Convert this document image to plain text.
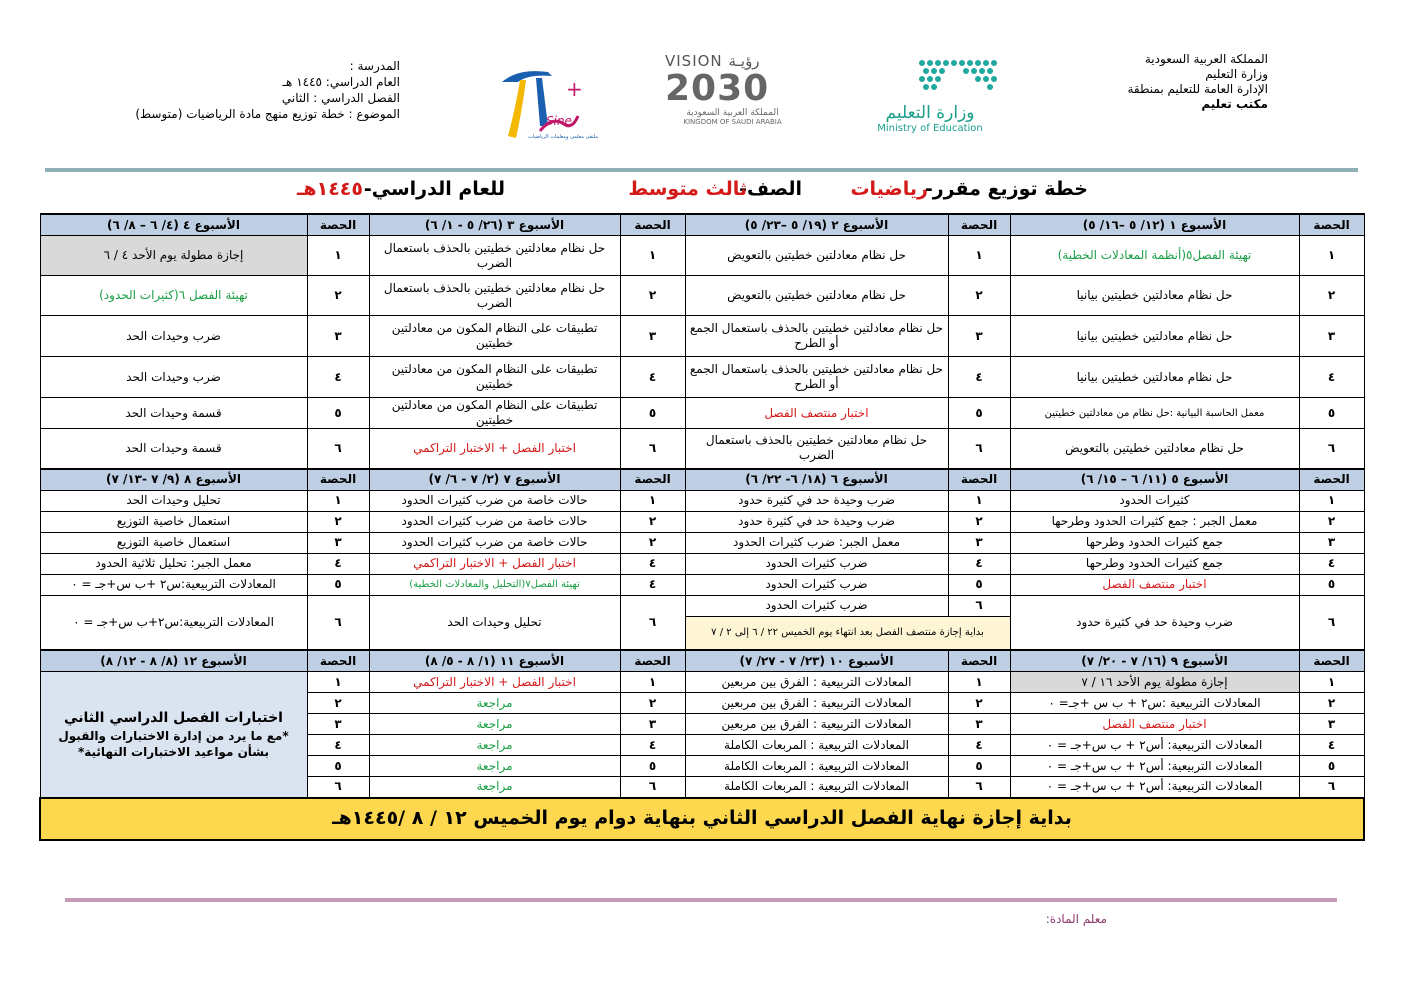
المملكة العربية السعودية
وزارة التعليم
الإدارة العامة للتعليم بمنطقة
مكتب تعليم
وزارة التعليم
Ministry of Education
VISION رؤيـة
2030
المملكة العربية السعودية
KINGDOM OF SAUDI ARABIA
+
Sine
ملتقى معلمي ومعلمات الرياضيات
المدرسة :
العام الدراسي: ١٤٤٥ هـ
الفصل الدراسي : الثاني
الموضوع : خطة توزيع منهج مادة الرياضيات (متوسط)
خطة توزيع مقرر-
رياضيات
الصف-
ثالث متوسط
للعام الدراسي-
١٤٤٥هـ
الحصة	الأسبوع ١ (١٢/ ٥ –١٦/ ٥)	الحصة	الأسبوع ٢ (١٩/ ٥ –٢٣/ ٥)	الحصة	الأسبوع ٣ (٢٦/ ٥ - ١/ ٦)	الحصة	الأسبوع ٤ (٤/ ٦ – ٨/ ٦)
١	تهيئة الفصل٥(أنظمة المعادلات الخطية)	١	حل نظام معادلتين خطيتين بالتعويض	١	حل نظام معادلتين خطيتين بالحذف باستعمال الضرب	١	إجازة مطولة يوم الأحد ٤ / ٦
٢	حل نظام معادلتين خطيتين بيانيا	٢	حل نظام معادلتين خطيتين بالتعويض	٢	حل نظام معادلتين خطيتين بالحذف باستعمال الضرب	٢	تهيئة الفصل ٦(كثيرات الحدود)
٣	حل نظام معادلتين خطيتين بيانيا	٣	حل نظام معادلتين خطيتين بالحذف باستعمال الجمع أو الطرح	٣	تطبيقات على النظام المكون من معادلتين خطيتين	٣	ضرب وحيدات الحد
٤	حل نظام معادلتين خطيتين بيانيا	٤	حل نظام معادلتين خطيتين بالحذف باستعمال الجمع أو الطرح	٤	تطبيقات على النظام المكون من معادلتين خطيتين	٤	ضرب وحيدات الحد
٥	معمل الحاسبة البيانية :حل نظام من معادلتين خطيتين	٥	اختبار منتصف الفصل	٥	تطبيقات على النظام المكون من معادلتين خطيتين	٥	قسمة وحيدات الحد
٦	حل نظام معادلتين خطيتين بالتعويض	٦	حل نظام معادلتين خطيتين بالحذف باستعمال الضرب	٦	اختبار الفصل + الاختبار التراكمي	٦	قسمة وحيدات الحد
الحصة	الأسبوع ٥ (١١/ ٦ – ١٥/ ٦)	الحصة	الأسبوع ٦ (١٨/ ٦- ٢٢/ ٦)	الحصة	الأسبوع ٧ (٢/ ٧ - ٦/ ٧)	الحصة	الأسبوع ٨ (٩/ ٧ -١٣/ ٧)
١	كثيرات الحدود	١	ضرب وحيدة حد في كثيرة حدود	١	حالات خاصة من ضرب كثيرات الحدود	١	تحليل وحيدات الحد
٢	معمل الجبر : جمع كثيرات الحدود وطرحها	٢	ضرب وحيدة حد في كثيرة حدود	٢	حالات خاصة من ضرب كثيرات الحدود	٢	استعمال خاصية التوزيع
٣	جمع كثيرات الحدود وطرحها	٣	معمل الجبر: ضرب كثيرات الحدود	٢	حالات خاصة من ضرب كثيرات الحدود	٣	استعمال خاصية التوزيع
٤	جمع كثيرات الحدود وطرحها	٤	ضرب كثيرات الحدود	٤	اختبار الفصل + الاختبار التراكمي	٤	معمل الجبر: تحليل ثلاثية الحدود
٥	اختبار منتصف الفصل	٥	ضرب كثيرات الحدود	٤	تهيئة الفصل٧(التحليل والمعادلات الخطية)	٥	المعادلات التربيعية:س٢ +ب س+جـ = ٠
٦	ضرب وحيدة حد في كثيرة حدود	٦	ضرب كثيرات الحدود	٦	تحليل وحيدات الحد	٦	المعادلات التربيعية:س٢+ب س+جـ = ٠
		بداية إجازة منتصف الفصل بعد انتهاء يوم الخميس ٢٢ / ٦ إلى ٢ / ٧					
الحصة	الأسبوع ٩ (١٦/ ٧ - ٢٠/ ٧)	الحصة	الأسبوع ١٠ (٢٣/ ٧ - ٢٧/ ٧)	الحصة	الأسبوع ١١ (١/ ٨ - ٥/ ٨)	الحصة	الأسبوع ١٢ (٨/ ٨ - ١٢/ ٨)
١	إجازة مطولة يوم الأحد ١٦ / ٧	١	المعادلات التربيعية : الفرق بين مربعين	١	اختبار الفصل + الاختبار التراكمي	١	اختبارات الفصل الدراسي الثاني
*مع ما يرد من إدارة الاختبارات والقبول بشأن مواعيد الاختبارات النهائية*

٢	المعادلات التربيعية :س٢ + ب س +جـ= ٠	٢	المعادلات التربيعية : الفرق بين مربعين	٢	مراجعة	٢	
٣	اختبار منتصف الفصل	٣	المعادلات التربيعية : الفرق بين مربعين	٣	مراجعة	٣	
٤	المعادلات التربيعية: أس٢ + ب س+جـ = ٠	٤	المعادلات التربيعية : المربعات الكاملة	٤	مراجعة	٤	
٥	المعادلات التربيعية: أس٢ + ب س+جـ = ٠	٥	المعادلات التربيعية : المربعات الكاملة	٥	مراجعة	٥	
٦	المعادلات التربيعية: أس٢ + ب س+جـ = ٠	٦	المعادلات التربيعية : المربعات الكاملة	٦	مراجعة	٦	
بداية إجازة نهاية الفصل الدراسي الثاني بنهاية دوام يوم الخميس ١٢ / ٨ /١٤٤٥هـ							
معلم المادة:
